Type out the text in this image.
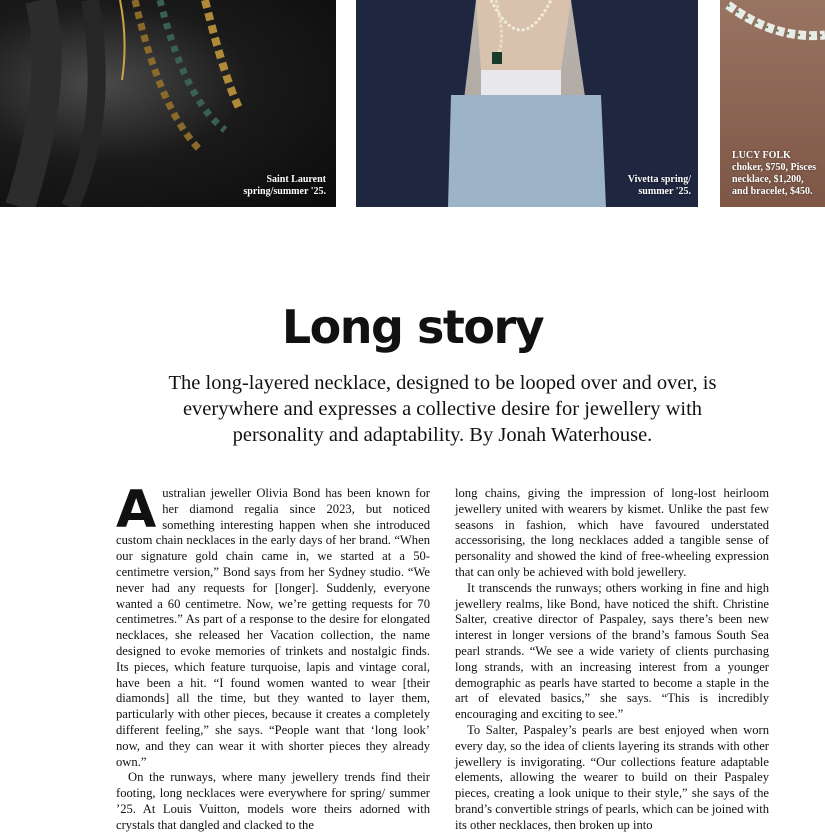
Saint Laurent
spring/summer '25.
Vivetta spring/
summer '25.
LUCY FOLK
choker, $750, Pisces
necklace, $1,200,
and bracelet, $450.
Long story

The long-layered necklace, designed to be looped over and over, is everywhere and expresses a collective desire for jewellery with personality and adaptability. By Jonah Waterhouse.

Australian jeweller Olivia Bond has been known for her diamond regalia since 2023, but noticed something interesting happen when she introduced custom chain necklaces in the early days of her brand. “When our signature gold chain came in, we started at a 50-centimetre version,” Bond says from her Sydney studio. “We never had any requests for [longer]. Suddenly, everyone wanted a 60 centimetre. Now, we’re getting requests for 70 centimetres.” As part of a response to the desire for elongated necklaces, she released her Vacation collection, the name designed to evoke memories of trinkets and nostalgic finds. Its pieces, which feature turquoise, lapis and vintage coral, have been a hit. “I found women wanted to wear [their diamonds] all the time, but they wanted to layer them, particularly with other pieces, because it creates a completely different feeling,” she says. “People want that ‘long look’ now, and they can wear it with shorter pieces they already own.”

On the runways, where many jewellery trends find their footing, long necklaces were everywhere for spring/ summer ’25. At Louis Vuitton, models wore theirs adorned with crystals that dangled and clacked to the

long chains, giving the impression of long-lost heirloom jewellery united with wearers by kismet. Unlike the past few seasons in fashion, which have favoured understated accessorising, the long necklaces added a tangible sense of personality and showed the kind of free-wheeling expression that can only be achieved with bold jewellery.

It transcends the runways; others working in fine and high jewellery realms, like Bond, have noticed the shift. Christine Salter, creative director of Paspaley, says there’s been new interest in longer versions of the brand’s famous South Sea pearl strands. “We see a wide variety of clients purchasing long strands, with an increasing interest from a younger demographic as pearls have started to become a staple in the art of elevated basics,” she says. “This is incredibly encouraging and exciting to see.”

To Salter, Paspaley’s pearls are best enjoyed when worn every day, so the idea of clients layering its strands with other jewellery is invigorating. “Our collections feature adaptable elements, allowing the wearer to build on their Paspaley pieces, creating a look unique to their style,” she says of the brand’s convertible strings of pearls, which can be joined with its other necklaces, then broken up into
